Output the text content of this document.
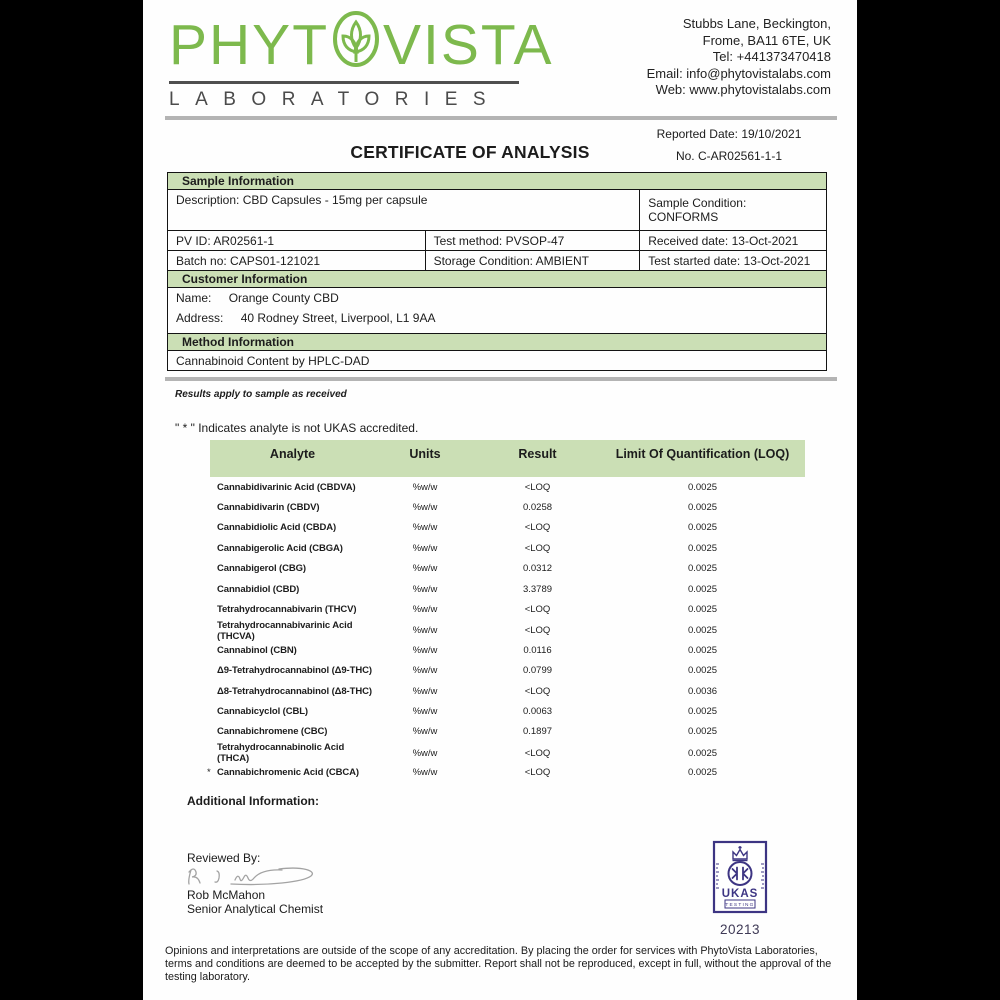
PHYT VISTA
LABORATORIES
Stubbs Lane, Beckington,
Frome, BA11 6TE, UK
Tel: +441373470418
Email: info@phytovistalabs.com
Web: www.phytovistalabs.com
Reported Date: 19/10/2021
No. C-AR02561-1-1
CERTIFICATE OF ANALYSIS
Sample Information		
Description: CBD Capsules - 15mg per capsule		Sample Condition: CONFORMS
PV ID: AR02561-1	Test method: PVSOP-47	Received date: 13-Oct-2021
Batch no: CAPS01-121021	Storage Condition: AMBIENT	Test started date: 13-Oct-2021
Customer Information		

Name: Orange County CBD
Address: 40 Rodney Street, Liverpool, L1 9AA		

Method Information		
Cannabinoid Content by HPLC-DAD		
Results apply to sample as received
" * " Indicates analyte is not UKAS accredited.
Analyte	Units	Result	Limit Of Quantification (LOQ)
Cannabidivarinic Acid (CBDVA)	%w/w	<LOQ	0.0025
Cannabidivarin (CBDV)	%w/w	0.0258	0.0025
Cannabidiolic Acid (CBDA)	%w/w	<LOQ	0.0025
Cannabigerolic Acid (CBGA)	%w/w	<LOQ	0.0025
Cannabigerol (CBG)	%w/w	0.0312	0.0025
Cannabidiol (CBD)	%w/w	3.3789	0.0025
Tetrahydrocannabivarin (THCV)	%w/w	<LOQ	0.0025
Tetrahydrocannabivarinic Acid (THCVA)	%w/w	<LOQ	0.0025
Cannabinol (CBN)	%w/w	0.0116	0.0025
Δ9-Tetrahydrocannabinol (Δ9-THC)	%w/w	0.0799	0.0025
Δ8-Tetrahydrocannabinol (Δ8-THC)	%w/w	<LOQ	0.0036
Cannabicyclol (CBL)	%w/w	0.0063	0.0025
Cannabichromene (CBC)	%w/w	0.1897	0.0025
Tetrahydrocannabinolic Acid (THCA)	%w/w	<LOQ	0.0025
* Cannabichromenic Acid (CBCA)	%w/w	<LOQ	0.0025
Additional Information:
Reviewed By:
Rob McMahon
Senior Analytical Chemist
UKAS
TESTING
20213
Opinions and interpretations are outside of the scope of any accreditation. By placing the order for services with PhytoVista Laboratories, terms and conditions are deemed to be accepted by the submitter. Report shall not be reproduced, except in full, without the approval of the testing laboratory.
